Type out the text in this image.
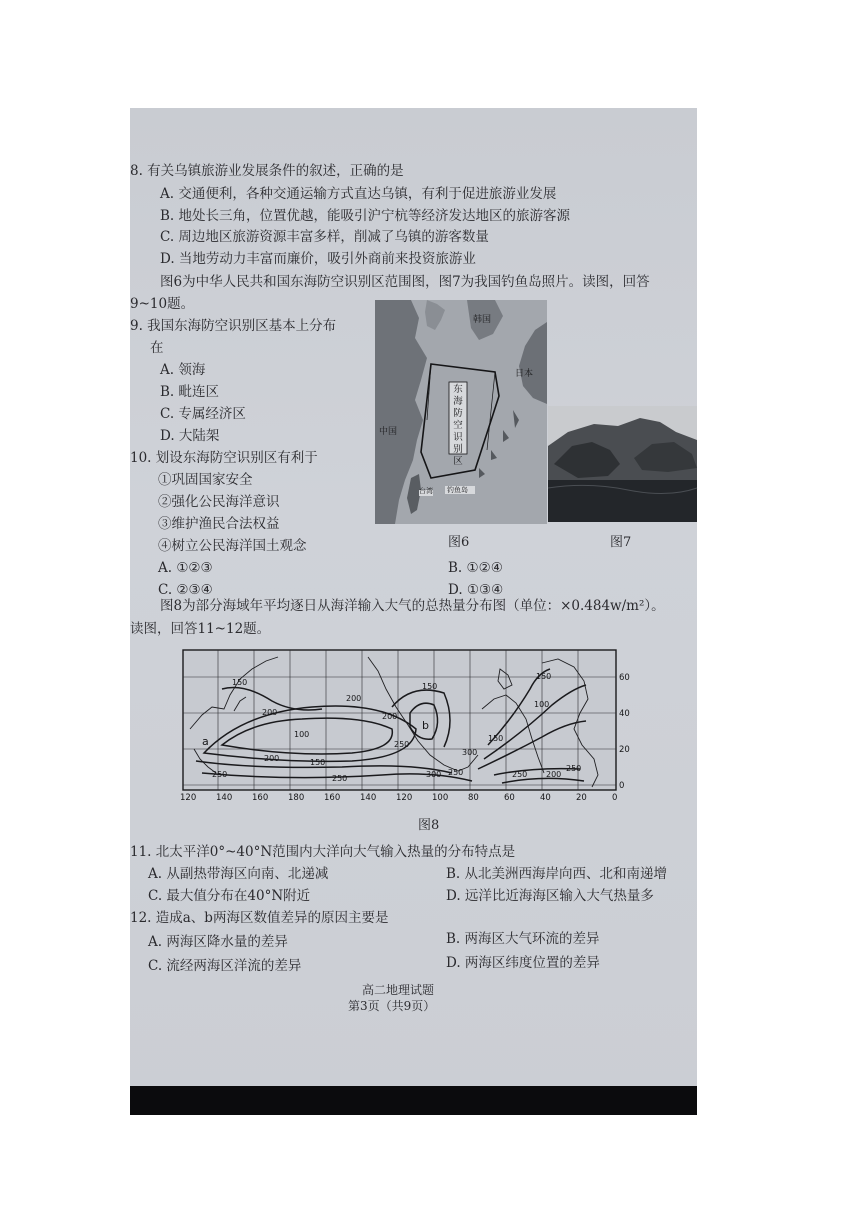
8. 有关乌镇旅游业发展条件的叙述，正确的是
A. 交通便利，各种交通运输方式直达乌镇，有利于促进旅游业发展
B. 地处长三角，位置优越，能吸引沪宁杭等经济发达地区的旅游客源
C. 周边地区旅游资源丰富多样，削减了乌镇的游客数量
D. 当地劳动力丰富而廉价，吸引外商前来投资旅游业
图6为中华人民共和国东海防空识别区范围图，图7为我国钓鱼岛照片。读图，回答
9~10题。
9. 我国东海防空识别区基本上分布
在
A. 领海
B. 毗连区
C. 专属经济区
D. 大陆架
10. 划设东海防空识别区有利于
①巩固国家安全
②强化公民海洋意识
③维护渔民合法权益
④树立公民海洋国土观念
A. ①②③	B. ①②④
C. ②③④	D. ①③④
韩国
日本
中国
东海防空识别区
台湾 钓鱼岛
图6	图7
图8为部分海域年平均逐日从海洋输入大气的总热量分布图（单位：×0.484w/m²）。
读图，回答11~12题。
150
200
200
100
150
200
250
150
100
250
300
150
250 200
250
250
300
150
200
250
120 140 160 180 160 140 120 100 80	60	40	20	0
60
40
20
0
a
b
图8
11. 北太平洋0°~40°N范围内大洋向大气输入热量的分布特点是
A. 从副热带海区向南、北递减	B. 从北美洲西海岸向西、北和南递增
C. 最大值分布在40°N附近	D. 远洋比近海海区输入大气热量多
12. 造成a、b两海区数值差异的原因主要是
A. 两海区降水量的差异	B. 两海区大气环流的差异
C. 流经两海区洋流的差异	D. 两海区纬度位置的差异
高二地理试题
第3页（共9页）
